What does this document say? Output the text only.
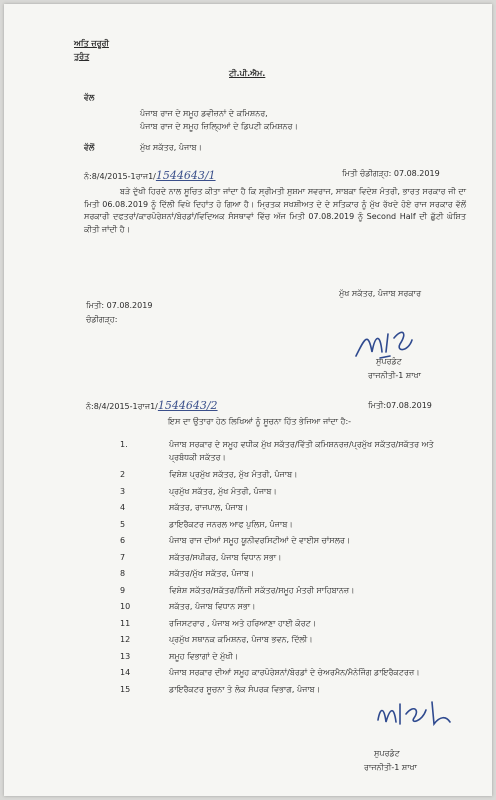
ਅਤਿ ਜ਼ਰੂਰੀ
ਤੁਰੰਤ
ਟੀ.ਪੀ.ਐਮ.
ਵੱਲ
ਪੰਜਾਬ ਰਾਜ ਦੇ ਸਮੂਹ ਡਵੀਜ਼ਨਾਂ ਦੇ ਕਮਿਸ਼ਨਰ,
ਪੰਜਾਬ ਰਾਜ ਦੇ ਸਮੂਹ ਜ਼ਿਲ੍ਹਿਆਂ ਦੇ ਡਿਪਟੀ ਕਮਿਸ਼ਨਰ।
ਵੱਲੋਂ	ਮੁੱਖ ਸਕੱਤਰ, ਪੰਜਾਬ।
ਨੰ:8/4/2015-1ਰਾਜ1/1544643/1	ਮਿਤੀ ਚੰਡੀਗੜ੍ਹ: 07.08.2019
ਬੜੇ ਦੁੱਖੀ ਹਿਰਦੇ ਨਾਲ ਸੂਚਿਤ ਕੀਤਾ ਜਾਂਦਾ ਹੈ ਕਿ ਸ੍ਰੀਮਤੀ ਸੁਸ਼ਮਾ ਸਵਰਾਜ, ਸਾਬਕਾ ਵਿਦੇਸ਼ ਮੰਤਰੀ, ਭਾਰਤ ਸਰਕਾਰ ਜੀ ਦਾ ਮਿਤੀ 06.08.2019 ਨੂੰ ਦਿੱਲੀ ਵਿਖੇ ਦਿਹਾਂਤ ਹੋ ਗਿਆ ਹੈ। ਮ੍ਰਿਤਕ ਸਖਸ਼ੀਅਤ ਦੇ ਦੇ ਸਤਿਕਾਰ ਨੂੰ ਮੁੱਖ ਰੱਖਦੇ ਹੋਏ ਰਾਜ ਸਰਕਾਰ ਵੱਲੋਂ ਸਰਕਾਰੀ ਦਫਤਰਾਂ/ਕਾਰਪੋਰੇਸ਼ਨਾਂ/ਬੋਰਡਾਂ/ਵਿਦਿਅਕ ਸੰਸਥਾਵਾਂ ਵਿੱਚ ਅੱਜ ਮਿਤੀ 07.08.2019 ਨੂੰ Second Half ਦੀ ਛੁੱਟੀ ਘੋਸ਼ਿਤ ਕੀਤੀ ਜਾਂਦੀ ਹੈ।
ਮੁੱਖ ਸਕੱਤਰ, ਪੰਜਾਬ ਸਰਕਾਰ
ਮਿਤੀ: 07.08.2019
ਚੰਡੀਗੜ੍ਹ:
ਸੁਪਰਡੰਟ
ਰਾਜਨੀਤੀ-1 ਸ਼ਾਖਾ
ਨੰ:8/4/2015-1ਰਾਜ1/1544643/2	ਮਿਤੀ:07.08.2019
ਇਸ ਦਾ ਉਤਾਰਾ ਹੇਠ ਲਿਖਿਆਂ ਨੂੰ ਸੂਚਨਾ ਹਿੱਤ ਭੇਜਿਆ ਜਾਂਦਾ ਹੈ:-
ਸੁਪਰਡੰਟ
ਰਾਜਨੀਤੀ-1 ਸ਼ਾਖਾ
1.	ਪੰਜਾਬ ਸਰਕਾਰ ਦੇ ਸਮੂਹ ਵਧੀਕ ਮੁੱਖ ਸਕੱਤਰ/ਵਿੱਤੀ ਕਮਿਸ਼ਨਰਜ਼/ਪ੍ਰਮੁੱਖ ਸਕੱਤਰ/ਸਕੱਤਰ ਅਤੇ
ਪ੍ਰਬੰਧਕੀ ਸਕੱਤਰ।
2	ਵਿਸ਼ੇਸ਼ ਪ੍ਰਮੁੱਖ ਸਕੱਤਰ, ਮੁੱਖ ਮੰਤਰੀ, ਪੰਜਾਬ।
3	ਪ੍ਰਮੁੱਖ ਸਕੱਤਰ, ਮੁੱਖ ਮੰਤਰੀ, ਪੰਜਾਬ।
4	ਸਕੱਤਰ, ਰਾਜਪਾਲ, ਪੰਜਾਬ।
5	ਡਾਇਰੈਕਟਰ ਜਨਰਲ ਆਫ ਪੁਲਿਸ, ਪੰਜਾਬ।
6	ਪੰਜਾਬ ਰਾਜ ਦੀਆਂ ਸਮੂਹ ਯੂਨੀਵਰਸਿਟੀਆਂ ਦੇ ਵਾਈਸ ਚਾਂਸਲਰ।
7	ਸਕੱਤਰ/ਸਪੀਕਰ, ਪੰਜਾਬ ਵਿਧਾਨ ਸਭਾ।
8	ਸਕੱਤਰ/ਮੁੱਖ ਸਕੱਤਰ, ਪੰਜਾਬ।
9	ਵਿਸ਼ੇਸ਼ ਸਕੱਤਰ/ਸਕੱਤਰ/ਨਿੱਜੀ ਸਕੱਤਰ/ਸਮੂਹ ਮੰਤਰੀ ਸਾਹਿਬਾਨਜ਼।
10	ਸਕੱਤਰ, ਪੰਜਾਬ ਵਿਧਾਨ ਸਭਾ।
11	ਰਜਿਸਟਰਾਰ , ਪੰਜਾਬ ਅਤੇ ਹਰਿਆਣਾ ਹਾਈ ਕੋਰਟ।
12	ਪ੍ਰਮੁੱਖ ਸਥਾਨਕ ਕਮਿਸ਼ਨਰ, ਪੰਜਾਬ ਭਵਨ, ਦਿੱਲੀ।
13	ਸਮੂਹ ਵਿਭਾਗਾਂ ਦੇ ਮੁੱਖੀ।
14	ਪੰਜਾਬ ਸਰਕਾਰ ਦੀਆਂ ਸਮੂਹ ਕਾਰਪੋਰੇਸ਼ਨਾਂ/ਬੋਰਡਾਂ ਦੇ ਚੇਅਰਮੈਨ/ਮੈਨੇਜਿੰਗ ਡਾਇਰੈਕਟਰਜ਼।
15	ਡਾਇਰੈਕਟਰ ਸੂਚਨਾ ਤੇ ਲੋਕ ਸੰਪਰਕ ਵਿਭਾਗ, ਪੰਜਾਬ।
